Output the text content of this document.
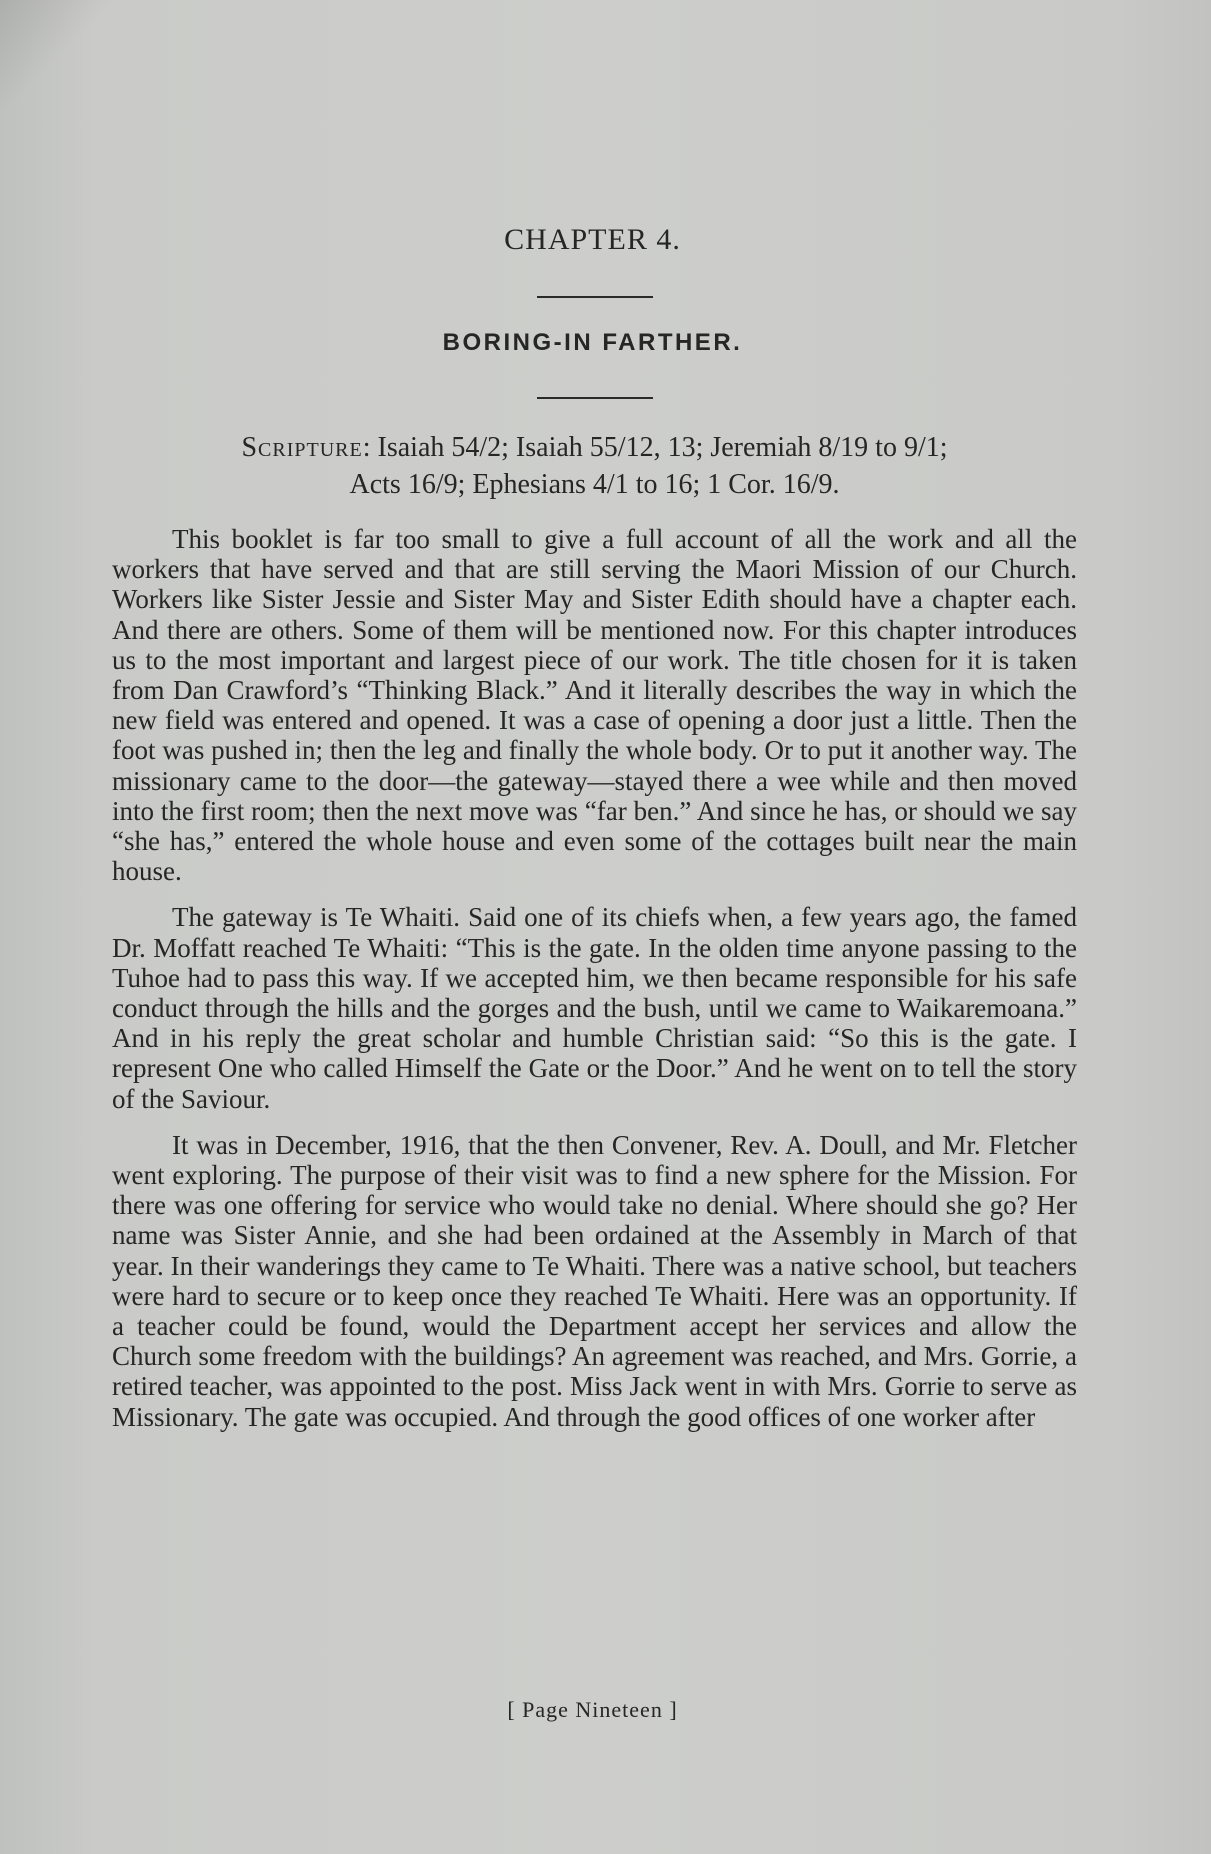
CHAPTER 4.
BORING-IN FARTHER.
Scripture: Isaiah 54/2; Isaiah 55/12, 13; Jeremiah 8/19 to 9/1;
Acts 16/9; Ephesians 4/1 to 16; 1 Cor. 16/9.

This booklet is far too small to give a full account of all the work and all the workers that have served and that are still serving the Maori Mission of our Church. Workers like Sister Jessie and Sister May and Sister Edith should have a chapter each. And there are others. Some of them will be mentioned now. For this chapter introduces us to the most important and largest piece of our work. The title chosen for it is taken from Dan Crawford’s “Thinking Black.” And it literally describes the way in which the new field was entered and opened. It was a case of opening a door just a little. Then the foot was pushed in; then the leg and finally the whole body. Or to put it another way. The missionary came to the door—the gateway—stayed there a wee while and then moved into the first room; then the next move was “far ben.” And since he has, or should we say “she has,” entered the whole house and even some of the cottages built near the main house.

The gateway is Te Whaiti. Said one of its chiefs when, a few years ago, the famed Dr. Moffatt reached Te Whaiti: “This is the gate. In the olden time anyone passing to the Tuhoe had to pass this way. If we accepted him, we then became responsible for his safe conduct through the hills and the gorges and the bush, until we came to Waikaremoana.” And in his reply the great scholar and humble Christian said: “So this is the gate. I represent One who called Himself the Gate or the Door.” And he went on to tell the story of the Saviour.

It was in December, 1916, that the then Convener, Rev. A. Doull, and Mr. Fletcher went exploring. The purpose of their visit was to find a new sphere for the Mission. For there was one offering for service who would take no denial. Where should she go? Her name was Sister Annie, and she had been ordained at the Assembly in March of that year. In their wanderings they came to Te Whaiti. There was a native school, but teachers were hard to secure or to keep once they reached Te Whaiti. Here was an opportunity. If a teacher could be found, would the Department accept her services and allow the Church some freedom with the buildings? An agreement was reached, and Mrs. Gorrie, a retired teacher, was appointed to the post. Miss Jack went in with Mrs. Gorrie to serve as Missionary. The gate was occupied. And through the good offices of one worker after

[ Page Nineteen ]
